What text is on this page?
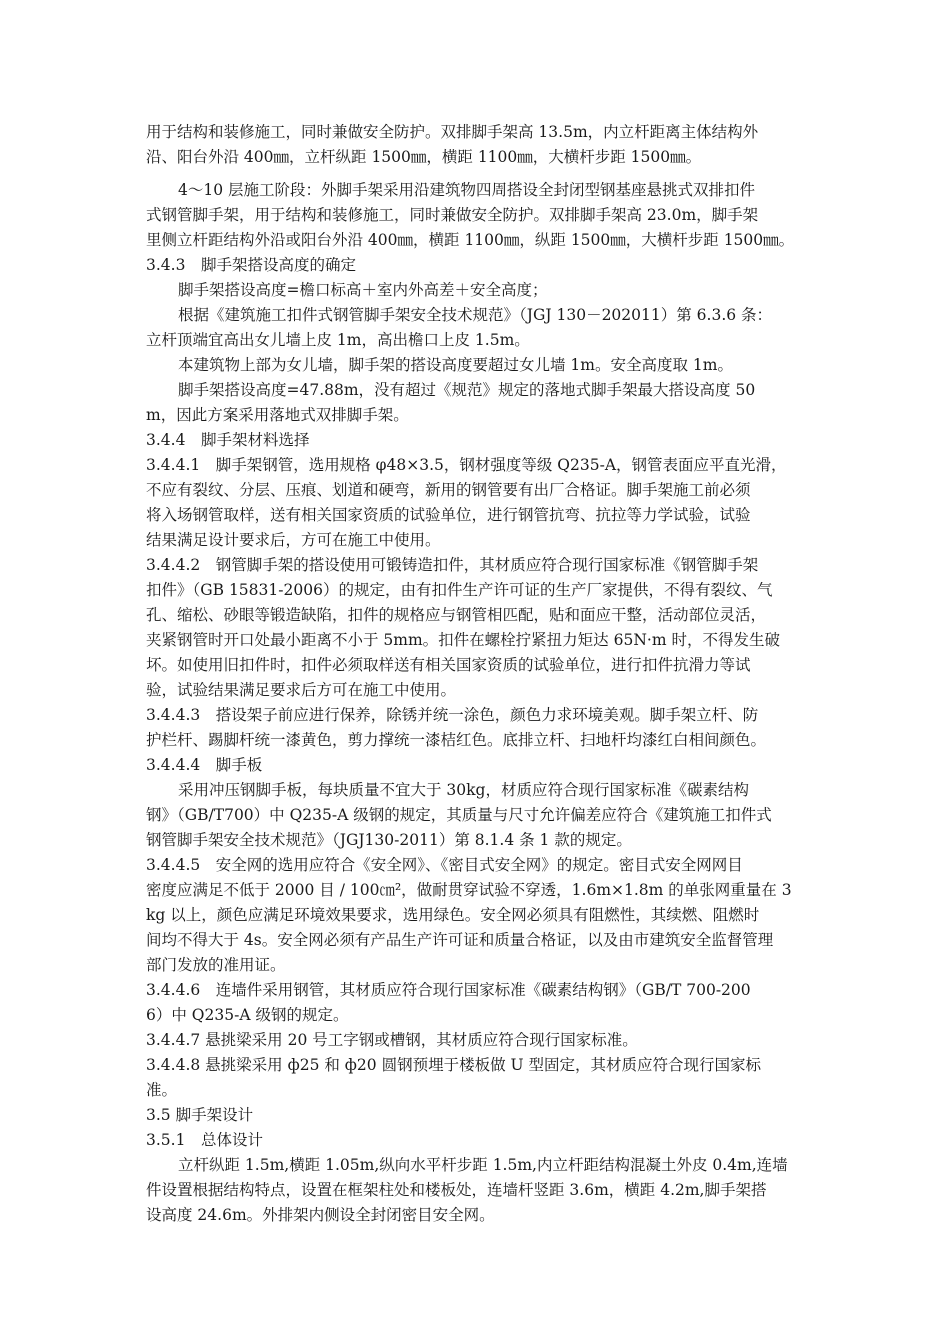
用于结构和装修施工，同时兼做安全防护。双排脚手架高 13.5m，内立杆距离主体结构外
沿、阳台外沿 400㎜，立杆纵距 1500㎜，横距 1100㎜，大横杆步距 1500㎜。
4～10 层施工阶段：外脚手架采用沿建筑物四周搭设全封闭型钢基座悬挑式双排扣件
式钢管脚手架，用于结构和装修施工，同时兼做安全防护。双排脚手架高 23.0m，脚手架
里侧立杆距结构外沿或阳台外沿 400㎜，横距 1100㎜，纵距 1500㎜，大横杆步距 1500㎜。
3.4.3　脚手架搭设高度的确定
脚手架搭设高度=檐口标高＋室内外高差＋安全高度；
根据《建筑施工扣件式钢管脚手架安全技术规范》（JGJ 130－202011）第 6.3.6 条：
立杆顶端宜高出女儿墙上皮 1m，高出檐口上皮 1.5m。
本建筑物上部为女儿墙，脚手架的搭设高度要超过女儿墙 1m。安全高度取 1m。
脚手架搭设高度=47.88m，没有超过《规范》规定的落地式脚手架最大搭设高度 50
m，因此方案采用落地式双排脚手架。
3.4.4　脚手架材料选择
3.4.4.1　脚手架钢管，选用规格 φ48×3.5，钢材强度等级 Q235-A，钢管表面应平直光滑，
不应有裂纹、分层、压痕、划道和硬弯，新用的钢管要有出厂合格证。脚手架施工前必须
将入场钢管取样，送有相关国家资质的试验单位，进行钢管抗弯、抗拉等力学试验，试验
结果满足设计要求后，方可在施工中使用。
3.4.4.2　钢管脚手架的搭设使用可锻铸造扣件，其材质应符合现行国家标准《钢管脚手架
扣件》（GB 15831-2006）的规定，由有扣件生产许可证的生产厂家提供，不得有裂纹、气
孔、缩松、砂眼等锻造缺陷，扣件的规格应与钢管相匹配，贴和面应干整，活动部位灵活，
夹紧钢管时开口处最小距离不小于 5mm。扣件在螺栓拧紧扭力矩达 65N·m 时，不得发生破
坏。如使用旧扣件时，扣件必须取样送有相关国家资质的试验单位，进行扣件抗滑力等试
验，试验结果满足要求后方可在施工中使用。
3.4.4.3　搭设架子前应进行保养，除锈并统一涂色，颜色力求环境美观。脚手架立杆、防
护栏杆、踢脚杆统一漆黄色，剪力撑统一漆桔红色。底排立杆、扫地杆均漆红白相间颜色。
3.4.4.4　脚手板
采用冲压钢脚手板，每块质量不宜大于 30kg，材质应符合现行国家标准《碳素结构
钢》（GB/T700）中 Q235-A 级钢的规定，其质量与尺寸允许偏差应符合《建筑施工扣件式
钢管脚手架安全技术规范》（JGJ130-2011）第 8.1.4 条 1 款的规定。
3.4.4.5　安全网的选用应符合《安全网》、《密目式安全网》的规定。密目式安全网网目
密度应满足不低于 2000 目 / 100㎝²，做耐贯穿试验不穿透，1.6m×1.8m 的单张网重量在 3
kg 以上，颜色应满足环境效果要求，选用绿色。安全网必须具有阻燃性，其续燃、阻燃时
间均不得大于 4s。安全网必须有产品生产许可证和质量合格证，以及由市建筑安全监督管理
部门发放的准用证。
3.4.4.6　连墙件采用钢管，其材质应符合现行国家标准《碳素结构钢》（GB/T 700-200
6）中 Q235-A 级钢的规定。
3.4.4.7 悬挑梁采用 20 号工字钢或槽钢，其材质应符合现行国家标准。
3.4.4.8 悬挑梁采用 ф25 和 ф20 圆钢预埋于楼板做 U 型固定，其材质应符合现行国家标
准。
3.5 脚手架设计
3.5.1　总体设计
立杆纵距 1.5m,横距 1.05m,纵向水平杆步距 1.5m,内立杆距结构混凝土外皮 0.4m,连墙
件设置根据结构特点，设置在框架柱处和楼板处，连墙杆竖距 3.6m，横距 4.2m,脚手架搭
设高度 24.6m。外排架内侧设全封闭密目安全网。
